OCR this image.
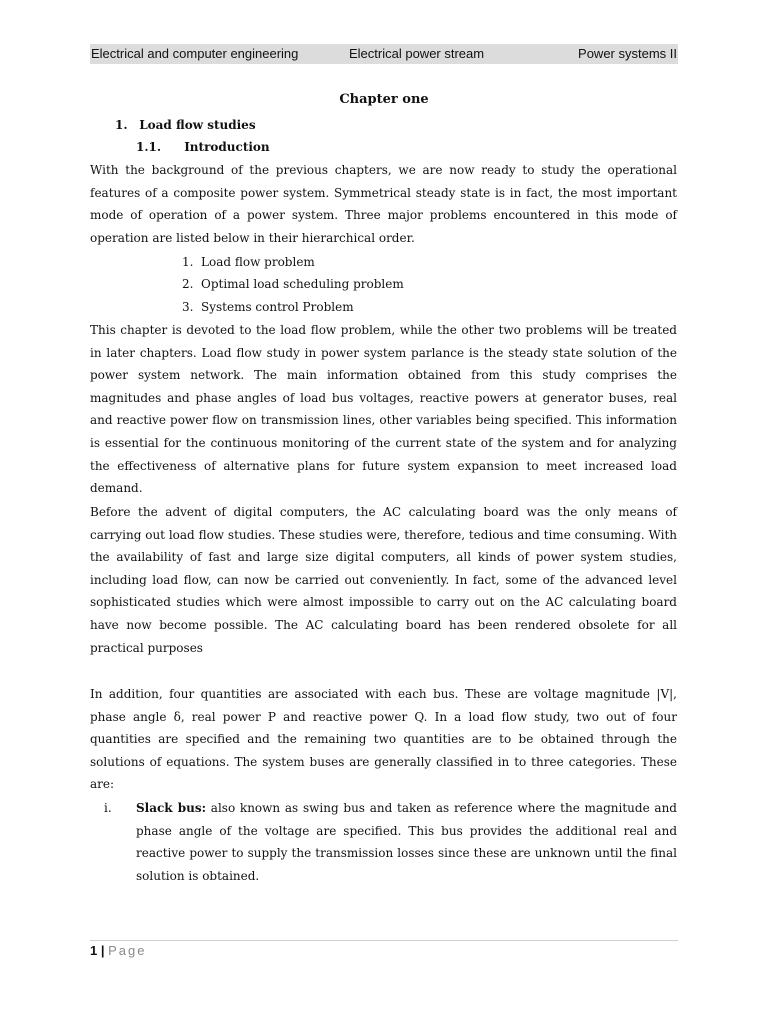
Electrical and computer engineering	Electrical power stream	Power systems II
Chapter one
1. Load flow studies
1.1. Introduction

With the background of the previous chapters, we are now ready to study the operational features of a composite power system. Symmetrical steady state is in fact, the most important mode of operation of a power system. Three major problems encountered in this mode of operation are listed below in their hierarchical order.

1. Load flow problem
2. Optimal load scheduling problem
3. Systems control Problem

This chapter is devoted to the load flow problem, while the other two problems will be treated in later chapters. Load flow study in power system parlance is the steady state solution of the power system network. The main information obtained from this study comprises the magnitudes and phase angles of load bus voltages, reactive powers at generator buses, real and reactive power flow on transmission lines, other variables being specified. This information is essential for the continuous monitoring of the current state of the system and for analyzing the effectiveness of alternative plans for future system expansion to meet increased load demand.

Before the advent of digital computers, the AC calculating board was the only means of carrying out load flow studies. These studies were, therefore, tedious and time consuming. With the availability of fast and large size digital computers, all kinds of power system studies, including load flow, can now be carried out conveniently. In fact, some of the advanced level sophisticated studies which were almost impossible to carry out on the AC calculating board have now become possible. The AC calculating board has been rendered obsolete for all practical purposes

In addition, four quantities are associated with each bus. These are voltage magnitude |V|, phase angle δ, real power P and reactive power Q. In a load flow study, two out of four quantities are specified and the remaining two quantities are to be obtained through the solutions of equations. The system buses are generally classified in to three categories. These are:

i. Slack bus: also known as swing bus and taken as reference where the magnitude and phase angle of the voltage are specified. This bus provides the additional real and reactive power to supply the transmission losses since these are unknown until the final solution is obtained.

1 | Page
